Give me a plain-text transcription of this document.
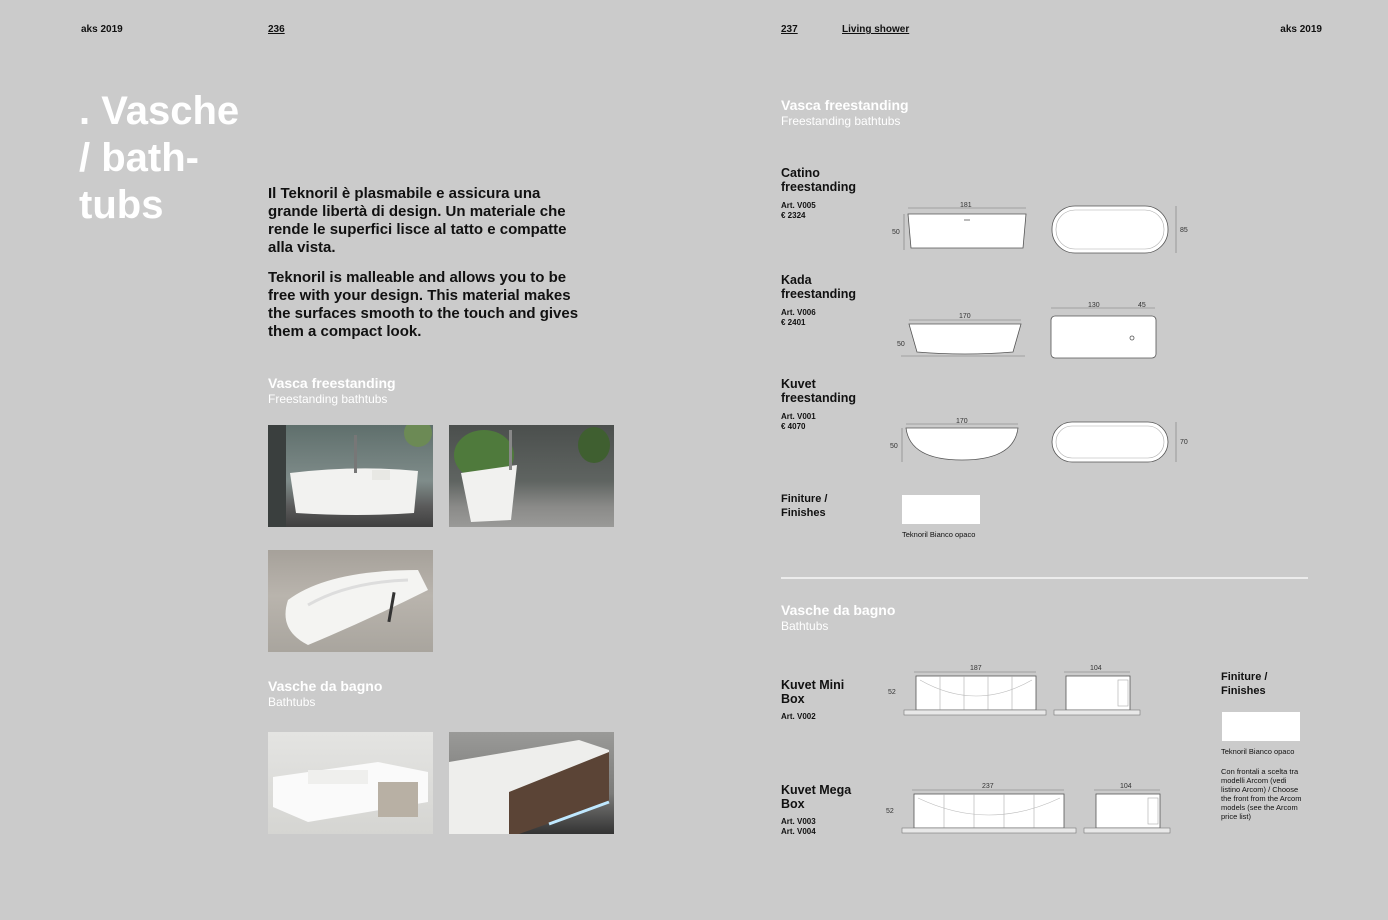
aks 2019	236	237	Living shower	aks 2019
. Vasche
/ bath-
tubs	Il Teknoril è plasmabile e assicura una grande libertà di design. Un materiale che rende le superfici lisce al tatto e compatte alla vista.

Teknoril is malleable and allows you to be free with your design. This material makes the surfaces smooth to the touch and gives them a compact look.

Vasca freestanding
Freestanding bathtubs
Vasche da bagno
Bathtubs
Vasca freestanding
Freestanding bathtubs
Catino
freestanding
Art. V005
€ 2324
181
50	85
Kada
freestanding
Art. V006
€ 2401
170
50
130	45
Kuvet
freestanding
Art. V001
€ 4070
170
50
70
Finiture /
Finishes
Teknoril Bianco opaco
Vasche da bagno
Bathtubs
Kuvet Mini
Box
Art. V002
187
52
104
Kuvet Mega
Box
Art. V003
Art. V004
237
52
104
Finiture /
Finishes
Teknoril Bianco opaco
Con frontali a scelta tra modelli Arcom (vedi listino Arcom) / Choose the front from the Arcom models (see the Arcom price list)
